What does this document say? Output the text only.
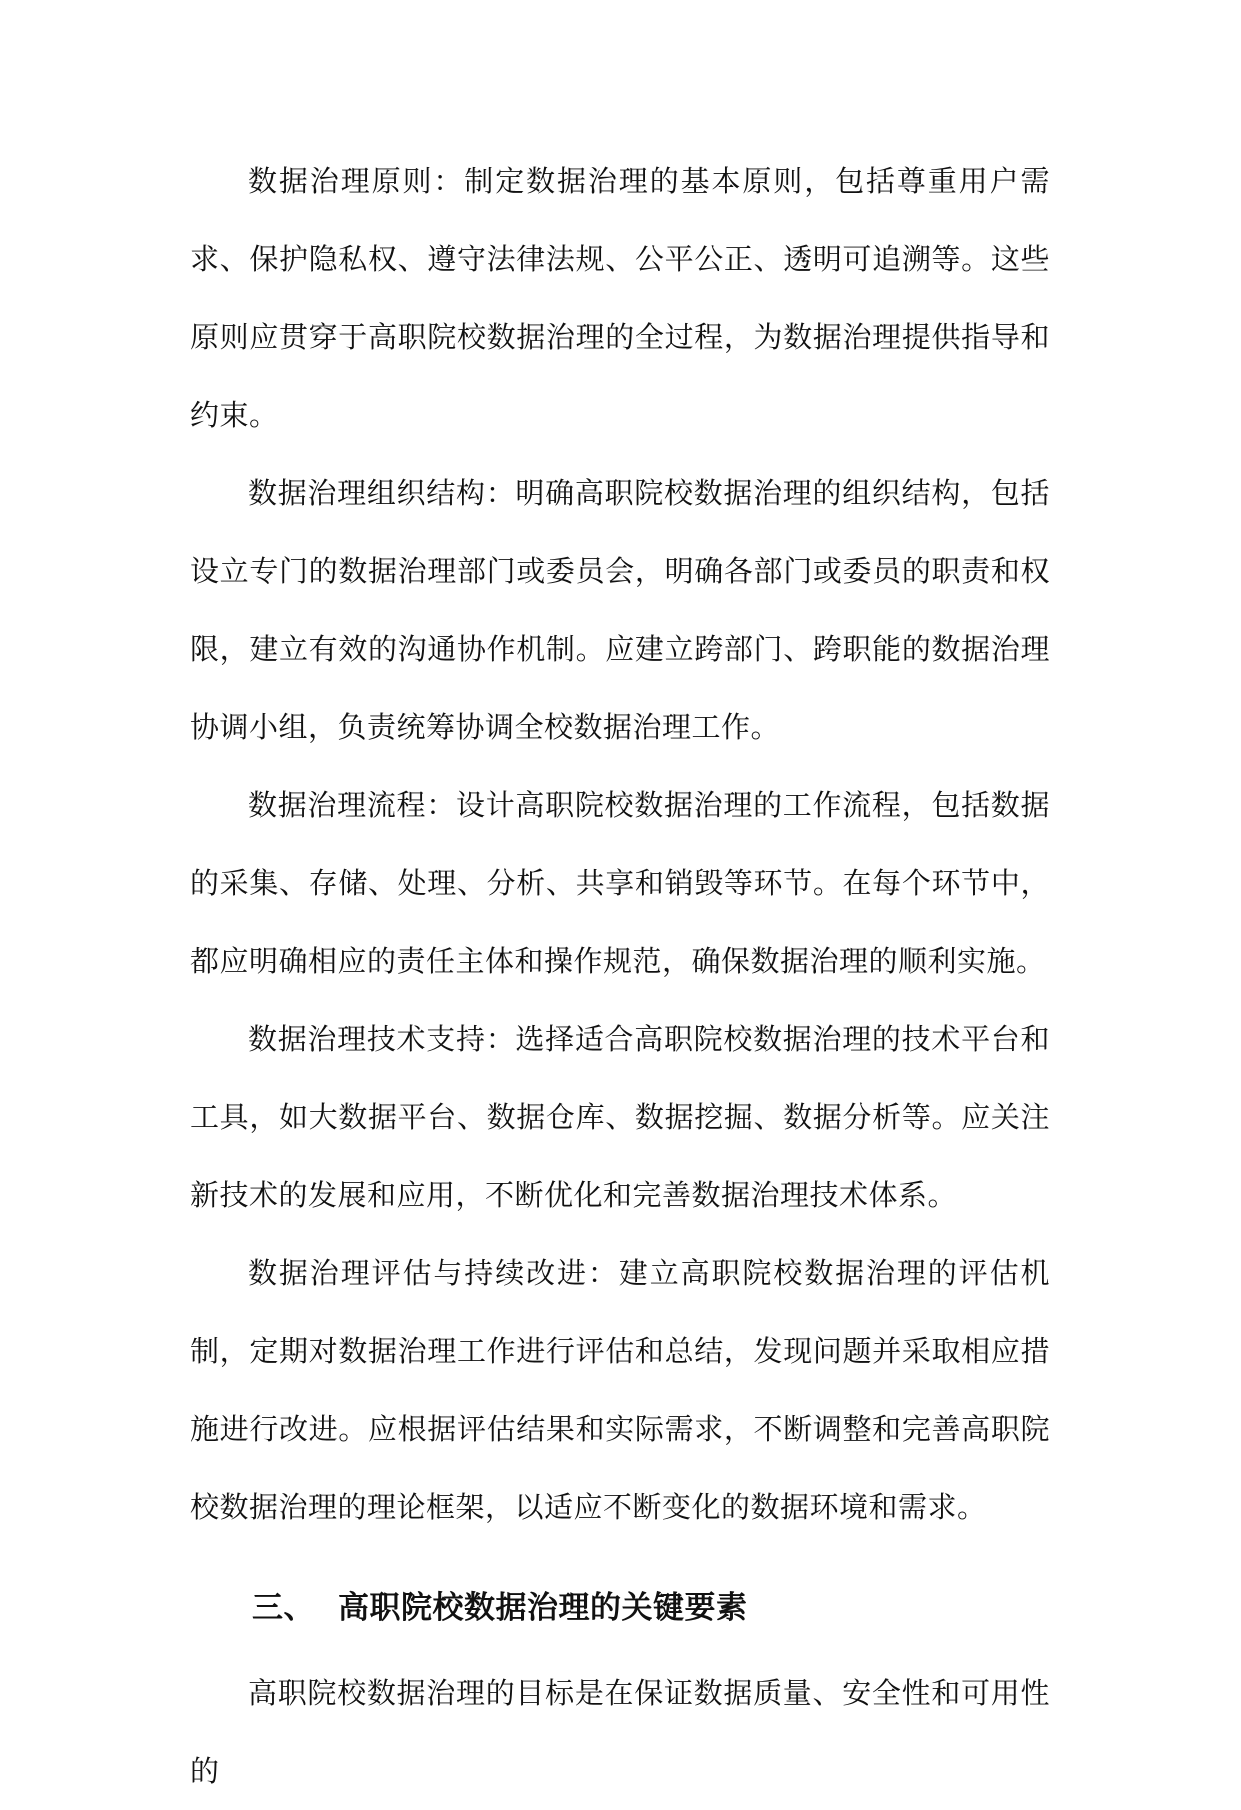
数据治理原则：制定数据治理的基本原则，包括尊重用户需求、保护隐私权、遵守法律法规、公平公正、透明可追溯等。这些原则应贯穿于高职院校数据治理的全过程，为数据治理提供指导和约束。

数据治理组织结构：明确高职院校数据治理的组织结构，包括设立专门的数据治理部门或委员会，明确各部门或委员的职责和权限，建立有效的沟通协作机制。应建立跨部门、跨职能的数据治理协调小组，负责统筹协调全校数据治理工作。

数据治理流程：设计高职院校数据治理的工作流程，包括数据的采集、存储、处理、分析、共享和销毁等环节。在每个环节中，都应明确相应的责任主体和操作规范，确保数据治理的顺利实施。

数据治理技术支持：选择适合高职院校数据治理的技术平台和工具，如大数据平台、数据仓库、数据挖掘、数据分析等。应关注新技术的发展和应用，不断优化和完善数据治理技术体系。

数据治理评估与持续改进：建立高职院校数据治理的评估机制，定期对数据治理工作进行评估和总结，发现问题并采取相应措施进行改进。应根据评估结果和实际需求，不断调整和完善高职院校数据治理的理论框架，以适应不断变化的数据环境和需求。

三、 高职院校数据治理的关键要素

高职院校数据治理的目标是在保证数据质量、安全性和可用性的
